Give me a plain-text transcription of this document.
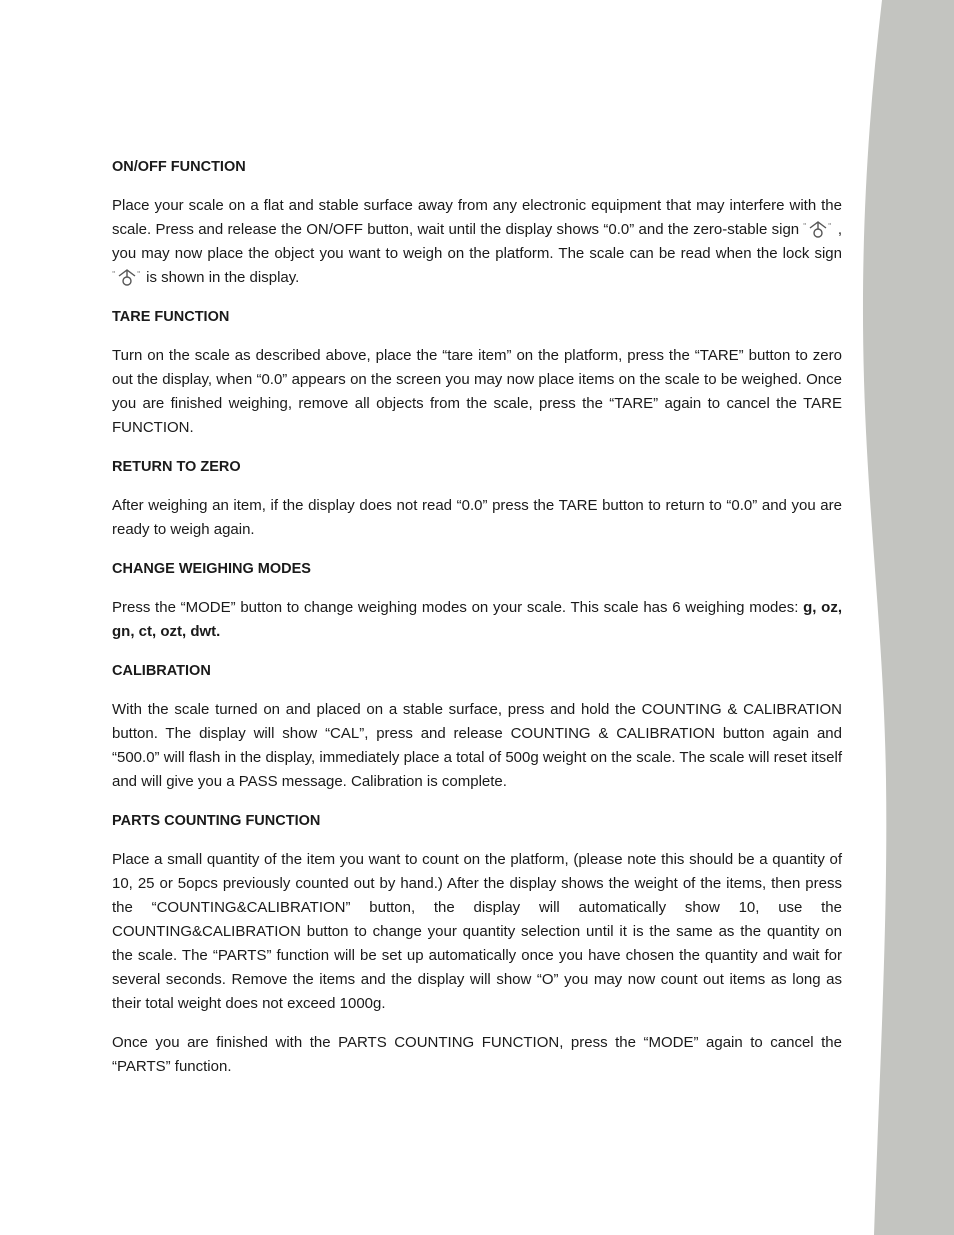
ON/OFF FUNCTION

Place your scale on a flat and stable surface away from any electronic equipment that may interfere with the scale. Press and release the ON/OFF button, wait until the display shows “0.0” and the zero-stable sign "	" , you may now place the object you want to weigh on the platform. The scale can be read when the lock sign
"	" is shown in the display.

TARE FUNCTION

Turn on the scale as described above, place the “tare item” on the platform, press the “TARE” button to zero out the display, when “0.0” appears on the screen you may now place items on the scale to be weighed. Once you are finished weighing, remove all objects from the scale, press the “TARE” again to cancel the TARE FUNCTION.

RETURN TO ZERO

After weighing an item, if the display does not read “0.0” press the TARE button to return to “0.0” and you are ready to weigh again.

CHANGE WEIGHING MODES

Press the “MODE” button to change weighing modes on your scale. This scale has 6 weighing modes: g, oz, gn, ct, ozt, dwt.

CALIBRATION

With the scale turned on and placed on a stable surface, press and hold the COUNTING & CALIBRATION button. The display will show “CAL”, press and release COUNTING & CALIBRATION button again and “500.0” will flash in the display, immediately place a total of 500g weight on the scale. The scale will reset itself and will give you a PASS message. Calibration is complete.

PARTS COUNTING FUNCTION

Place a small quantity of the item you want to count on the platform, (please note this should be a quantity of 10, 25 or 5opcs previously counted out by hand.) After the display shows the weight of the items, then press the “COUNTING&CALIBRATION” button, the display will automatically show 10, use the COUNTING&CALIBRATION button to change your quantity selection until it is the same as the quantity on the scale. The “PARTS” function will be set up automatically once you have chosen the quantity and wait for several seconds. Remove the items and the display will show “O” you may now count out items as long as their total weight does not exceed 1000g.

Once you are finished with the PARTS COUNTING FUNCTION, press the “MODE” again to cancel the “PARTS” function.
